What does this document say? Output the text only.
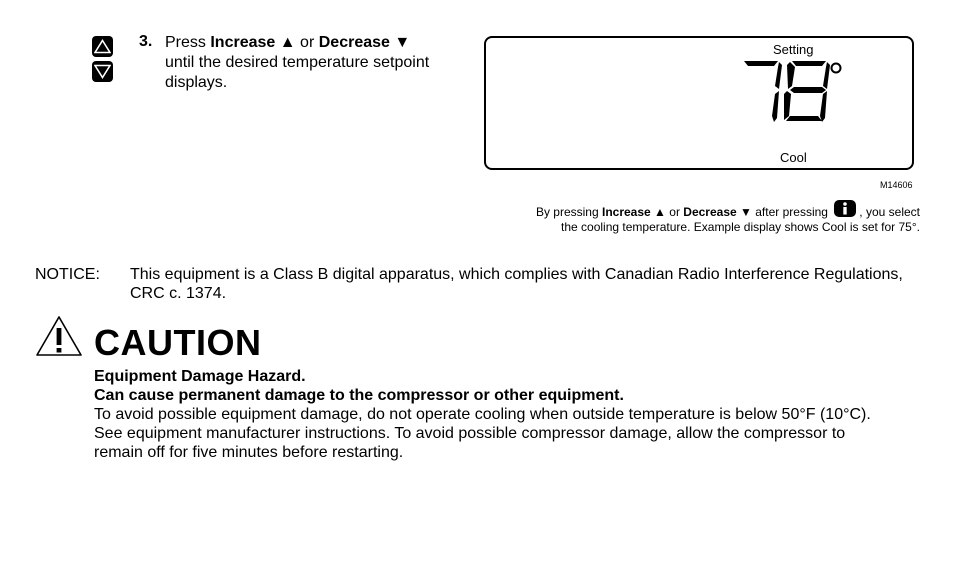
3. Press Increase ▲ or Decrease ▼
until the desired temperature setpoint
displays.
Setting
Cool
M14606
By pressing Increase ▲ or Decrease ▼ after pressing	, you select
the cooling temperature. Example display shows Cool is set for 75°.
NOTICE: This equipment is a Class B digital apparatus, which complies with Canadian Radio Interference Regulations, CRC c. 1374.
CAUTION
Equipment Damage Hazard.
Can cause permanent damage to the compressor or other equipment.
To avoid possible equipment damage, do not operate cooling when outside temperature is below 50°F (10°C). See equipment manufacturer instructions. To avoid possible compressor damage, allow the compressor to remain off for five minutes before restarting.
